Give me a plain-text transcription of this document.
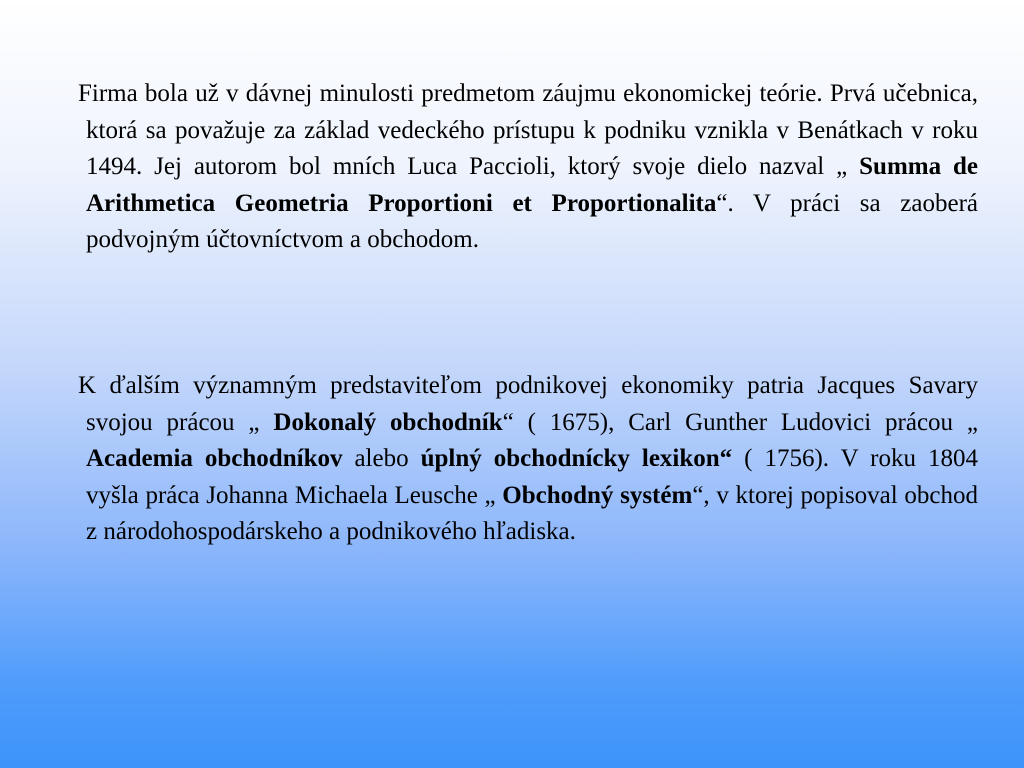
Firma bola už v dávnej minulosti predmetom záujmu ekonomickej teórie. Prvá učebnica, ktorá sa považuje za základ vedeckého prístupu k podniku vznikla v Benátkach v roku 1494. Jej autorom bol mních Luca Paccioli, ktorý svoje dielo nazval „ Summa de Arithmetica Geometria Proportioni et Proportionalita“. V práci sa zaoberá podvojným účtovníctvom a obchodom.

K ďalším významným predstaviteľom podnikovej ekonomiky patria Jacques Savary svojou prácou „ Dokonalý obchodník“ ( 1675), Carl Gunther Ludovici prácou „ Academia obchodníkov alebo úplný obchodnícky lexikon“ ( 1756). V roku 1804 vyšla práca Johanna Michaela Leusche „ Obchodný systém“, v ktorej popisoval obchod z národohospodárskeho a podnikového hľadiska.
